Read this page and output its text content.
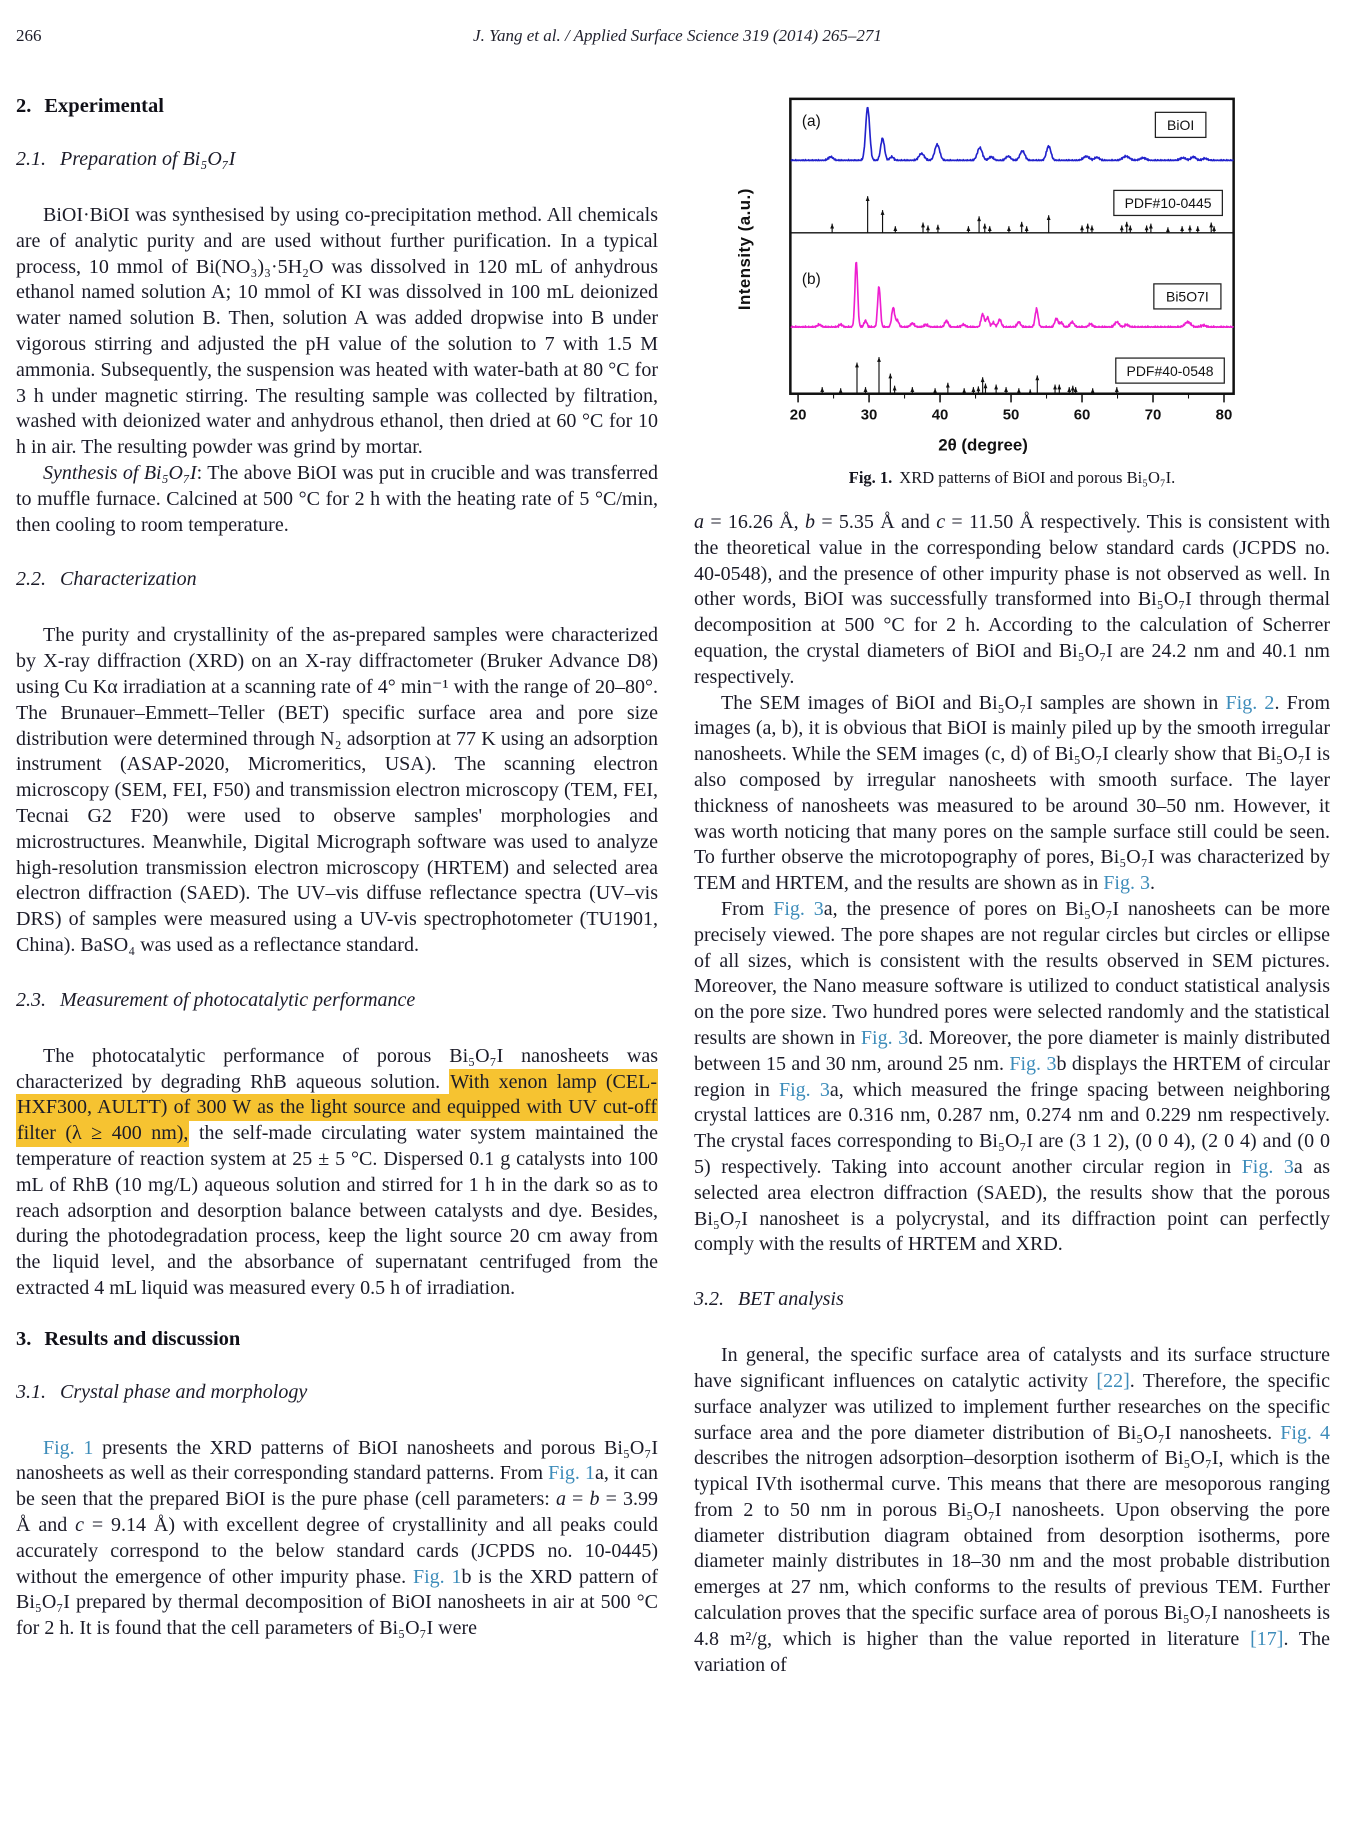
266	J. Yang et al. / Applied Surface Science 319 (2014) 265–271
2. Experimental
2.1. Preparation of Bi₅O₇I

BiOI·BiOI was synthesised by using co-precipitation method. All chemicals are of analytic purity and are used without further purification. In a typical process, 10 mmol of Bi(NO₃)₃·5H₂O was dissolved in 120 mL of anhydrous ethanol named solution A; 10 mmol of KI was dissolved in 100 mL deionized water named solution B. Then, solution A was added dropwise into B under vigorous stirring and adjusted the pH value of the solution to 7 with 1.5 M ammonia. Subsequently, the suspension was heated with water-bath at 80 °C for 3 h under magnetic stirring. The resulting sample was collected by filtration, washed with deionized water and anhydrous ethanol, then dried at 60 °C for 10 h in air. The resulting powder was grind by mortar.

Synthesis of Bi₅O₇I: The above BiOI was put in crucible and was transferred to muffle furnace. Calcined at 500 °C for 2 h with the heating rate of 5 °C/min, then cooling to room temperature.

2.2. Characterization

The purity and crystallinity of the as-prepared samples were characterized by X-ray diffraction (XRD) on an X-ray diffractometer (Bruker Advance D8) using Cu Kα irradiation at a scanning rate of 4° min⁻¹ with the range of 20–80°. The Brunauer–Emmett–Teller (BET) specific surface area and pore size distribution were determined through N₂ adsorption at 77 K using an adsorption instrument (ASAP-2020, Micromeritics, USA). The scanning electron microscopy (SEM, FEI, F50) and transmission electron microscopy (TEM, FEI, Tecnai G2 F20) were used to observe samples' morphologies and microstructures. Meanwhile, Digital Micrograph software was used to analyze high-resolution transmission electron microscopy (HRTEM) and selected area electron diffraction (SAED). The UV–vis diffuse reflectance spectra (UV–vis DRS) of samples were measured using a UV-vis spectrophotometer (TU1901, China). BaSO₄ was used as a reflectance standard.

2.3. Measurement of photocatalytic performance

The photocatalytic performance of porous Bi₅O₇I nanosheets was characterized by degrading RhB aqueous solution. With xenon lamp (CEL-HXF300, AULTT) of 300 W as the light source and equipped with UV cut-off filter (λ ≥ 400 nm), the self-made circulating water system maintained the temperature of reaction system at 25 ± 5 °C. Dispersed 0.1 g catalysts into 100 mL of RhB (10 mg/L) aqueous solution and stirred for 1 h in the dark so as to reach adsorption and desorption balance between catalysts and dye. Besides, during the photodegradation process, keep the light source 20 cm away from the liquid level, and the absorbance of supernatant centrifuged from the extracted 4 mL liquid was measured every 0.5 h of irradiation.

3. Results and discussion
3.1. Crystal phase and morphology

Fig. 1 presents the XRD patterns of BiOI nanosheets and porous Bi₅O₇I nanosheets as well as their corresponding standard patterns. From Fig. 1a, it can be seen that the prepared BiOI is the pure phase (cell parameters: a = b = 3.99 Å and c = 9.14 Å) with excellent degree of crystallinity and all peaks could accurately correspond to the below standard cards (JCPDS no. 10-0445) without the emergence of other impurity phase. Fig. 1b is the XRD pattern of Bi₅O₇I prepared by thermal decomposition of BiOI nanosheets in air at 500 °C for 2 h. It is found that the cell parameters of Bi₅O₇I were

(a)	BiOI
PDF#10-0445
(b)
Bi5O7I
PDF#40-0548
20	30	40	50	60	70	80
2θ (degree)
Intensity (a.u.)
Fig. 1. XRD patterns of BiOI and porous Bi₅O₇I.

a = 16.26 Å, b = 5.35 Å and c = 11.50 Å respectively. This is consistent with the theoretical value in the corresponding below standard cards (JCPDS no. 40-0548), and the presence of other impurity phase is not observed as well. In other words, BiOI was successfully transformed into Bi₅O₇I through thermal decomposition at 500 °C for 2 h. According to the calculation of Scherrer equation, the crystal diameters of BiOI and Bi₅O₇I are 24.2 nm and 40.1 nm respectively.

The SEM images of BiOI and Bi₅O₇I samples are shown in Fig. 2. From images (a, b), it is obvious that BiOI is mainly piled up by the smooth irregular nanosheets. While the SEM images (c, d) of Bi₅O₇I clearly show that Bi₅O₇I is also composed by irregular nanosheets with smooth surface. The layer thickness of nanosheets was measured to be around 30–50 nm. However, it was worth noticing that many pores on the sample surface still could be seen. To further observe the microtopography of pores, Bi₅O₇I was characterized by TEM and HRTEM, and the results are shown as in Fig. 3.

From Fig. 3a, the presence of pores on Bi₅O₇I nanosheets can be more precisely viewed. The pore shapes are not regular circles but circles or ellipse of all sizes, which is consistent with the results observed in SEM pictures. Moreover, the Nano measure software is utilized to conduct statistical analysis on the pore size. Two hundred pores were selected randomly and the statistical results are shown in Fig. 3d. Moreover, the pore diameter is mainly distributed between 15 and 30 nm, around 25 nm. Fig. 3b displays the HRTEM of circular region in Fig. 3a, which measured the fringe spacing between neighboring crystal lattices are 0.316 nm, 0.287 nm, 0.274 nm and 0.229 nm respectively. The crystal faces corresponding to Bi₅O₇I are (3 1 2), (0 0 4), (2 0 4) and (0 0 5) respectively. Taking into account another circular region in Fig. 3a as selected area electron diffraction (SAED), the results show that the porous Bi₅O₇I nanosheet is a polycrystal, and its diffraction point can perfectly comply with the results of HRTEM and XRD.

3.2. BET analysis

In general, the specific surface area of catalysts and its surface structure have significant influences on catalytic activity [22]. Therefore, the specific surface analyzer was utilized to implement further researches on the specific surface area and the pore diameter distribution of Bi₅O₇I nanosheets. Fig. 4 describes the nitrogen adsorption–desorption isotherm of Bi₅O₇I, which is the typical IVth isothermal curve. This means that there are mesoporous ranging from 2 to 50 nm in porous Bi₅O₇I nanosheets. Upon observing the pore diameter distribution diagram obtained from desorption isotherms, pore diameter mainly distributes in 18–30 nm and the most probable distribution emerges at 27 nm, which conforms to the results of previous TEM. Further calculation proves that the specific surface area of porous Bi₅O₇I nanosheets is 4.8 m²/g, which is higher than the value reported in literature [17]. The variation of
